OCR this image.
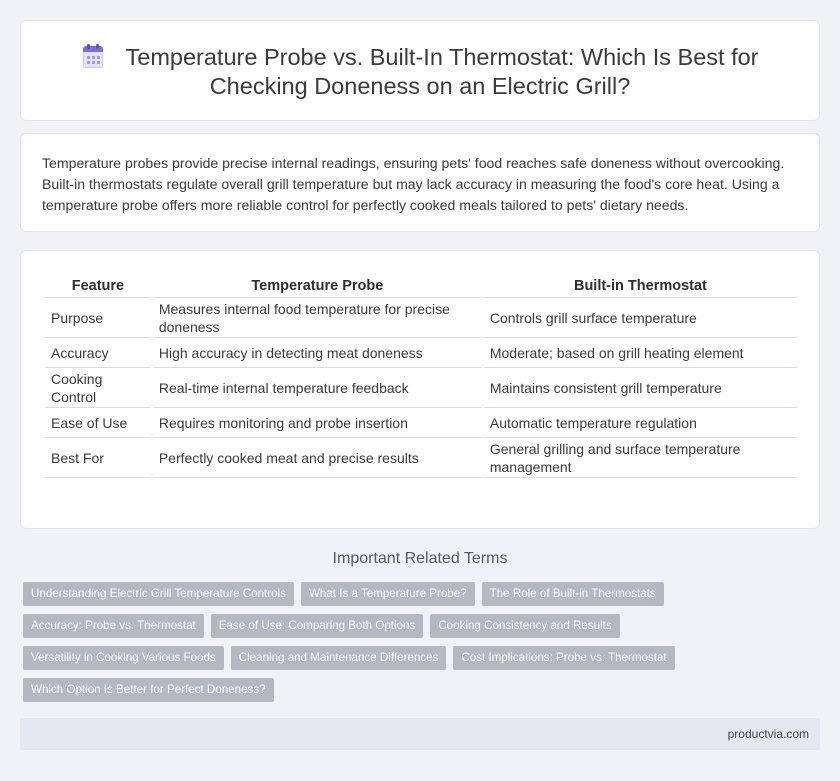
Temperature Probe vs. Built-In Thermostat: Which Is Best for
Checking Doneness on an Electric Grill?

Temperature probes provide precise internal readings, ensuring pets' food reaches safe doneness without overcooking. Built-in thermostats regulate overall grill temperature but may lack accuracy in measuring the food's core heat. Using a temperature probe offers more reliable control for perfectly cooked meals tailored to pets' dietary needs.

Feature	Temperature Probe	Built-in Thermostat
Purpose	Measures internal food temperature for precise doneness	Controls grill surface temperature
Accuracy	High accuracy in detecting meat doneness	Moderate; based on grill heating element
Cooking Control	Real-time internal temperature feedback	Maintains consistent grill temperature
Ease of Use	Requires monitoring and probe insertion	Automatic temperature regulation
Best For	Perfectly cooked meat and precise results	General grilling and surface temperature management
Important Related Terms
Understanding Electric Grill Temperature Controls	What Is a Temperature Probe?	The Role of Built-in Thermostats
Accuracy: Probe vs. Thermostat	Ease of Use: Comparing Both Options	Cooking Consistency and Results
Versatility in Cooking Various Foods	Cleaning and Maintenance Differences	Cost Implications: Probe vs. Thermostat
Which Option Is Better for Perfect Doneness?
productvia.com
